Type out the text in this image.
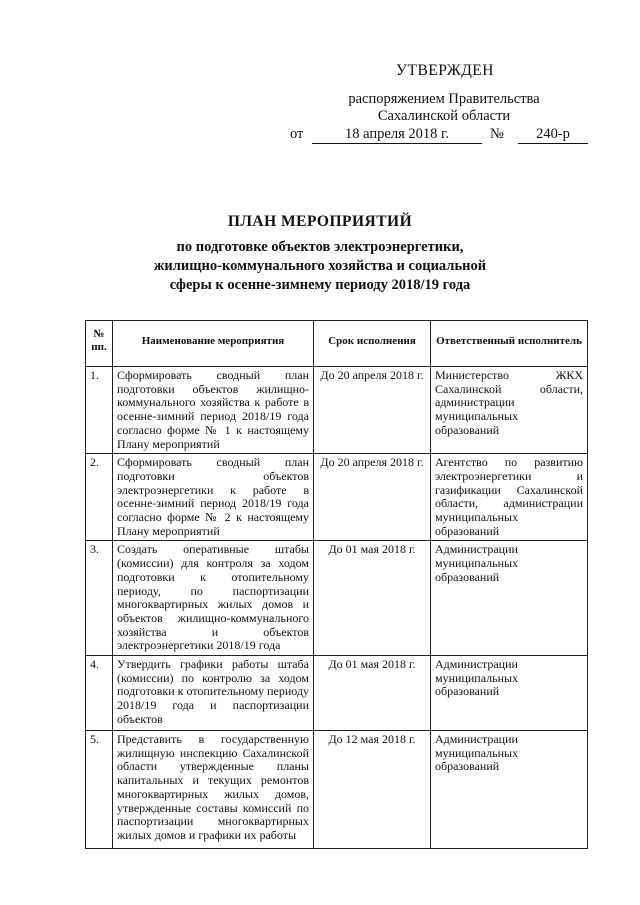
УТВЕРЖДЕН
распоряжением Правительства
Сахалинской области
от	18 апреля 2018 г.	№	240-р
ПЛАН МЕРОПРИЯТИЙ
по подготовке объектов электроэнергетики,
жилищно-коммунального хозяйства и социальной
сферы к осенне-зимнему периоду 2018/19 года
№ пп.	Наименование мероприятия	Срок исполнения	Ответственный исполнитель
1.	Сформировать сводный план подготовки объектов жилищно-коммунального хозяйства к работе в осенне-зимний период 2018/19 года согласно форме № 1 к настоящему Плану мероприятий	До 20 апреля 2018 г.	Министерство ЖКХ Сахалинской области, администрации муниципальных образований
2.	Сформировать сводный план подготовки объектов электроэнергетики к работе в осенне-зимний период 2018/19 года согласно форме № 2 к настоящему Плану мероприятий	До 20 апреля 2018 г.	Агентство по развитию электроэнергетики и газификации Сахалинской области, администрации муниципальных образований
3.	Создать оперативные штабы (комиссии) для контроля за ходом подготовки к отопительному периоду, по паспортизации многоквартирных жилых домов и объектов жилищно-коммунального хозяйства и объектов электроэнергетики 2018/19 года	До 01 мая 2018 г.	Администрации муниципальных образований
4.	Утвердить графики работы штаба (комиссии) по контролю за ходом подготовки к отопительному периоду 2018/19 года и паспортизации объектов	До 01 мая 2018 г.	Администрации муниципальных образований
5.	Представить в государственную жилищную инспекцию Сахалинской области утвержденные планы капитальных и текущих ремонтов многоквартирных жилых домов, утвержденные составы комиссий по паспортизации многоквартирных жилых домов и графики их работы	До 12 мая 2018 г.	Администрации муниципальных образований
